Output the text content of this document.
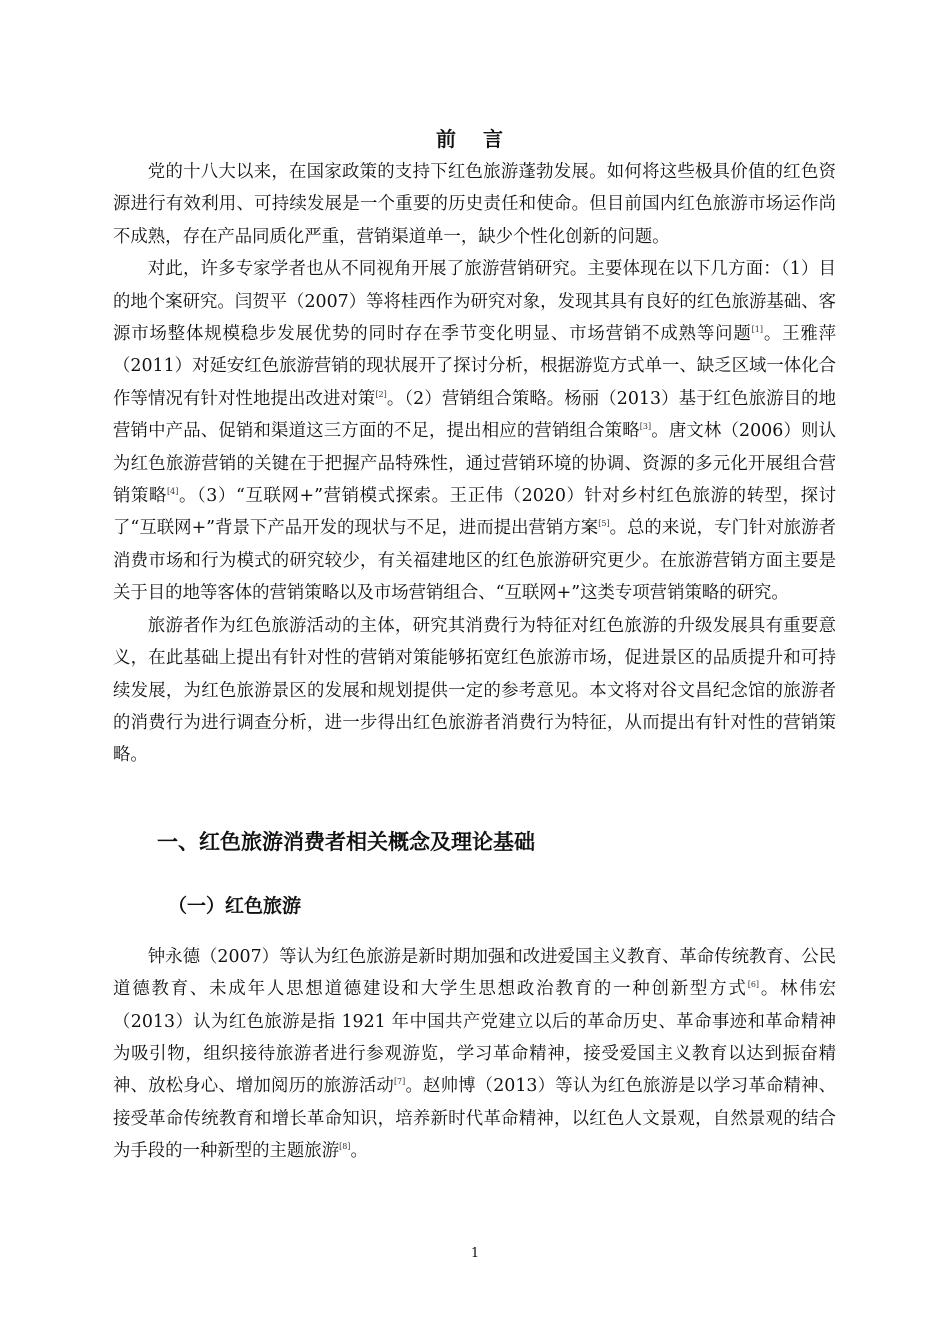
前 言

党的十八大以来，在国家政策的支持下红色旅游蓬勃发展。如何将这些极具价值的红色资源进行有效利用、可持续发展是一个重要的历史责任和使命。但目前国内红色旅游市场运作尚不成熟，存在产品同质化严重，营销渠道单一，缺少个性化创新的问题。

对此，许多专家学者也从不同视角开展了旅游营销研究。主要体现在以下几方面：（1）目的地个案研究。闫贺平（2007）等将桂西作为研究对象，发现其具有良好的红色旅游基础、客源市场整体规模稳步发展优势的同时存在季节变化明显、市场营销不成熟等问题[1]。王雅萍（2011）对延安红色旅游营销的现状展开了探讨分析，根据游览方式单一、缺乏区域一体化合作等情况有针对性地提出改进对策[2]。（2）营销组合策略。杨丽（2013）基于红色旅游目的地营销中产品、促销和渠道这三方面的不足，提出相应的营销组合策略[3]。唐文林（2006）则认为红色旅游营销的关键在于把握产品特殊性，通过营销环境的协调、资源的多元化开展组合营销策略[4]。（3）“互联网+”营销模式探索。王正伟（2020）针对乡村红色旅游的转型，探讨了“互联网+”背景下产品开发的现状与不足，进而提出营销方案[5]。总的来说，专门针对旅游者消费市场和行为模式的研究较少，有关福建地区的红色旅游研究更少。在旅游营销方面主要是关于目的地等客体的营销策略以及市场营销组合、“互联网+”这类专项营销策略的研究。

旅游者作为红色旅游活动的主体，研究其消费行为特征对红色旅游的升级发展具有重要意义，在此基础上提出有针对性的营销对策能够拓宽红色旅游市场，促进景区的品质提升和可持续发展，为红色旅游景区的发展和规划提供一定的参考意见。本文将对谷文昌纪念馆的旅游者的消费行为进行调查分析，进一步得出红色旅游者消费行为特征，从而提出有针对性的营销策略。

一、红色旅游消费者相关概念及理论基础
（一）红色旅游

钟永德（2007）等认为红色旅游是新时期加强和改进爱国主义教育、革命传统教育、公民道德教育、未成年人思想道德建设和大学生思想政治教育的一种创新型方式[6]。林伟宏（2013）认为红色旅游是指 1921 年中国共产党建立以后的革命历史、革命事迹和革命精神为吸引物，组织接待旅游者进行参观游览，学习革命精神，接受爱国主义教育以达到振奋精神、放松身心、增加阅历的旅游活动[7]。赵帅博（2013）等认为红色旅游是以学习革命精神、接受革命传统教育和增长革命知识，培养新时代革命精神，以红色人文景观，自然景观的结合为手段的一种新型的主题旅游[8]。

1
